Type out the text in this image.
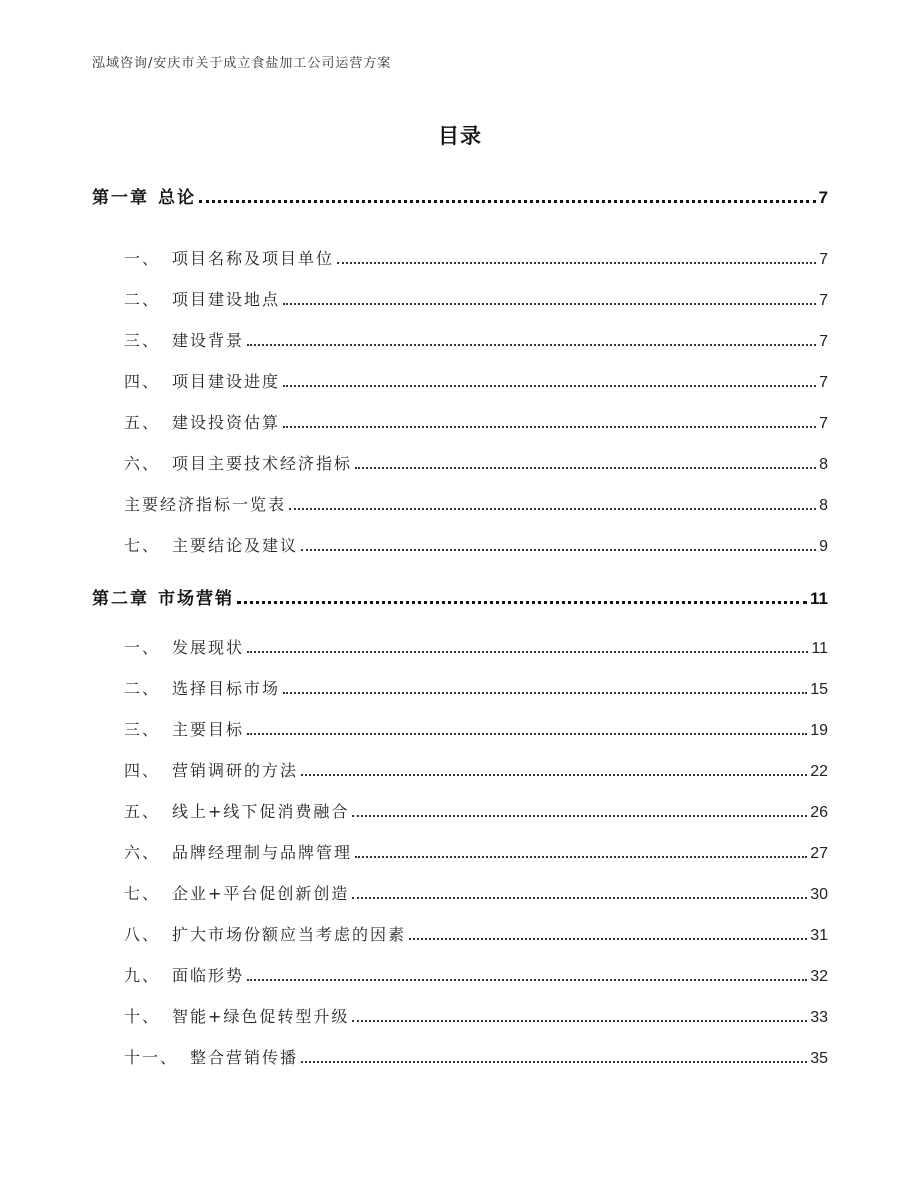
泓域咨询/安庆市关于成立食盐加工公司运营方案
目录
第一章 总论	7
一、 项目名称及项目单位	7
二、 项目建设地点	7
三、 建设背景	7
四、 项目建设进度	7
五、 建设投资估算	7
六、 项目主要技术经济指标	8
主要经济指标一览表	8
七、 主要结论及建议	9
第二章 市场营销	11
一、 发展现状	11
二、 选择目标市场	15
三、 主要目标	19
四、 营销调研的方法	22
五、 线上+线下促消费融合	26
六、 品牌经理制与品牌管理	27
七、 企业+平台促创新创造	30
八、 扩大市场份额应当考虑的因素	31
九、 面临形势	32
十、 智能+绿色促转型升级	33
十一、 整合营销传播	35
